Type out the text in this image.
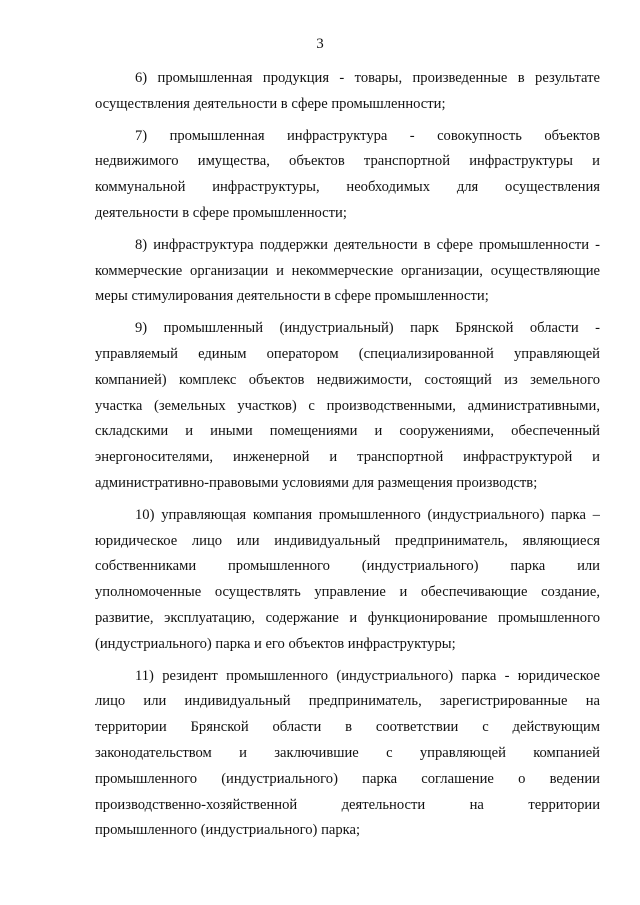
3

6) промышленная продукция - товары, произведенные в результате
осуществления деятельности в сфере промышленности;

7) промышленная инфраструктура - совокупность объектов
недвижимого имущества, объектов транспортной инфраструктуры и
коммунальной инфраструктуры, необходимых для осуществления
деятельности в сфере промышленности;

8) инфраструктура поддержки деятельности в сфере промышленности -
коммерческие организации и некоммерческие организации, осуществляющие
меры стимулирования деятельности в сфере промышленности;

9) промышленный (индустриальный) парк Брянской области -
управляемый единым оператором (специализированной управляющей
компанией) комплекс объектов недвижимости, состоящий из земельного
участка (земельных участков) с производственными, административными,
складскими и иными помещениями и сооружениями, обеспеченный
энергоносителями, инженерной и транспортной инфраструктурой и
административно-правовыми условиями для размещения производств;

10) управляющая компания промышленного (индустриального) парка –
юридическое лицо или индивидуальный предприниматель, являющиеся
собственниками промышленного (индустриального) парка или
уполномоченные осуществлять управление и обеспечивающие создание,
развитие, эксплуатацию, содержание и функционирование промышленного
(индустриального) парка и его объектов инфраструктуры;

11) резидент промышленного (индустриального) парка - юридическое
лицо или индивидуальный предприниматель, зарегистрированные на
территории Брянской области в соответствии с действующим
законодательством и заключившие с управляющей компанией
промышленного (индустриального) парка соглашение о ведении
производственно-хозяйственной деятельности на территории
промышленного (индустриального) парка;
